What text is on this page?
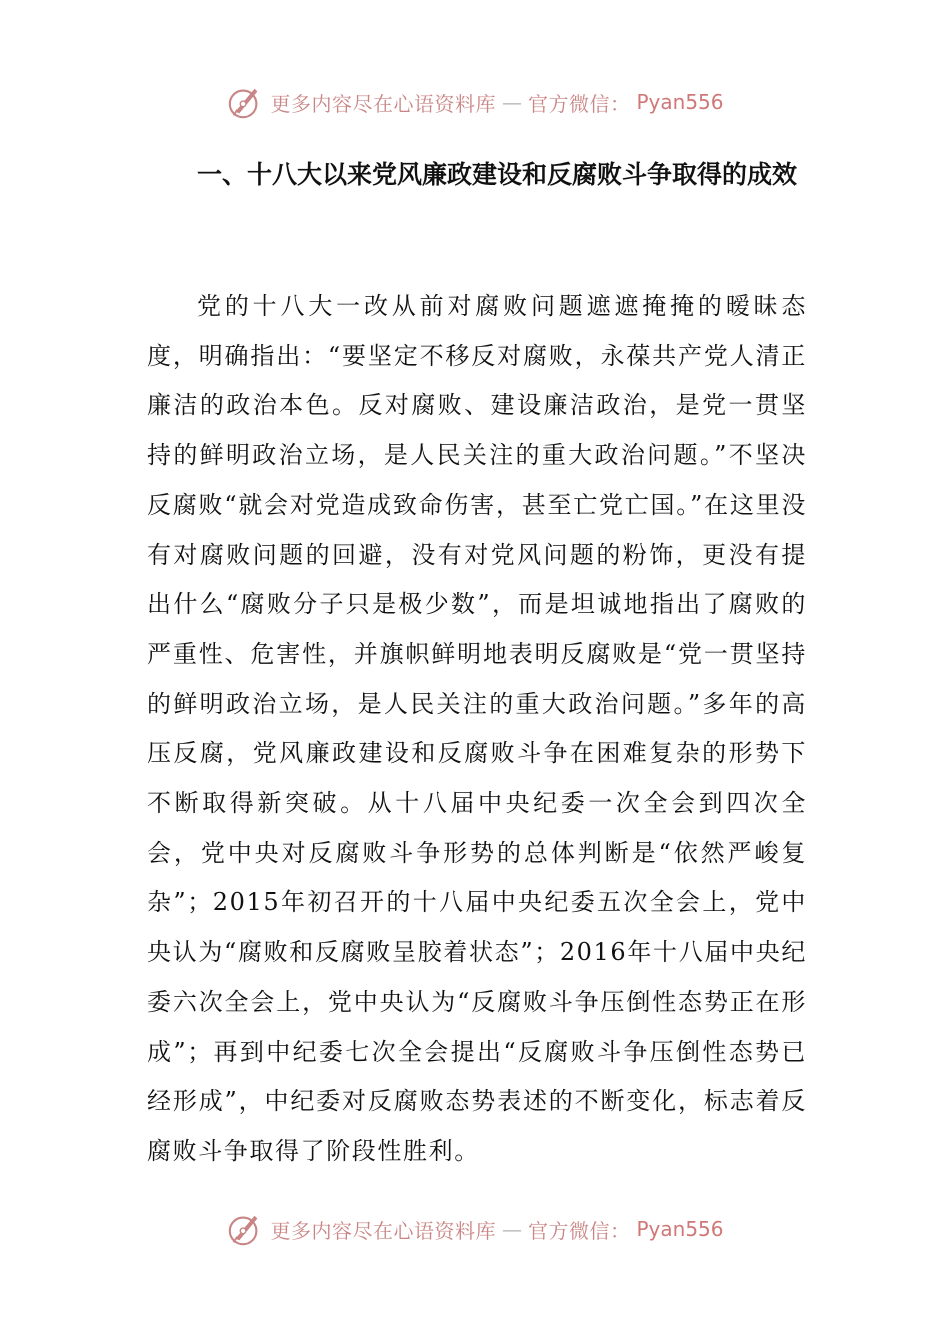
更多内容尽在心语资料库 — 官方微信： Pyan556
一、十八大以来党风廉政建设和反腐败斗争取得的成效

党的十八大一改从前对腐败问题遮遮掩掩的暧昧态度，明确指出：“要坚定不移反对腐败，永葆共产党人清正廉洁的政治本色。反对腐败、建设廉洁政治，是党一贯坚持的鲜明政治立场，是人民关注的重大政治问题。”不坚决反腐败“就会对党造成致命伤害，甚至亡党亡国。”在这里没有对腐败问题的回避，没有对党风问题的粉饰，更没有提出什么“腐败分子只是极少数”，而是坦诚地指出了腐败的严重性、危害性，并旗帜鲜明地表明反腐败是“党一贯坚持的鲜明政治立场，是人民关注的重大政治问题。”多年的高压反腐，党风廉政建设和反腐败斗争在困难复杂的形势下不断取得新突破。从十八届中央纪委一次全会到四次全会，党中央对反腐败斗争形势的总体判断是“依然严峻复杂”；2015年初召开的十八届中央纪委五次全会上，党中央认为“腐败和反腐败呈胶着状态”；2016年十八届中央纪委六次全会上，党中央认为“反腐败斗争压倒性态势正在形成”；再到中纪委七次全会提出“反腐败斗争压倒性态势已经形成”，中纪委对反腐败态势表述的不断变化，标志着反腐败斗争取得了阶段性胜利。

更多内容尽在心语资料库 — 官方微信： Pyan556
